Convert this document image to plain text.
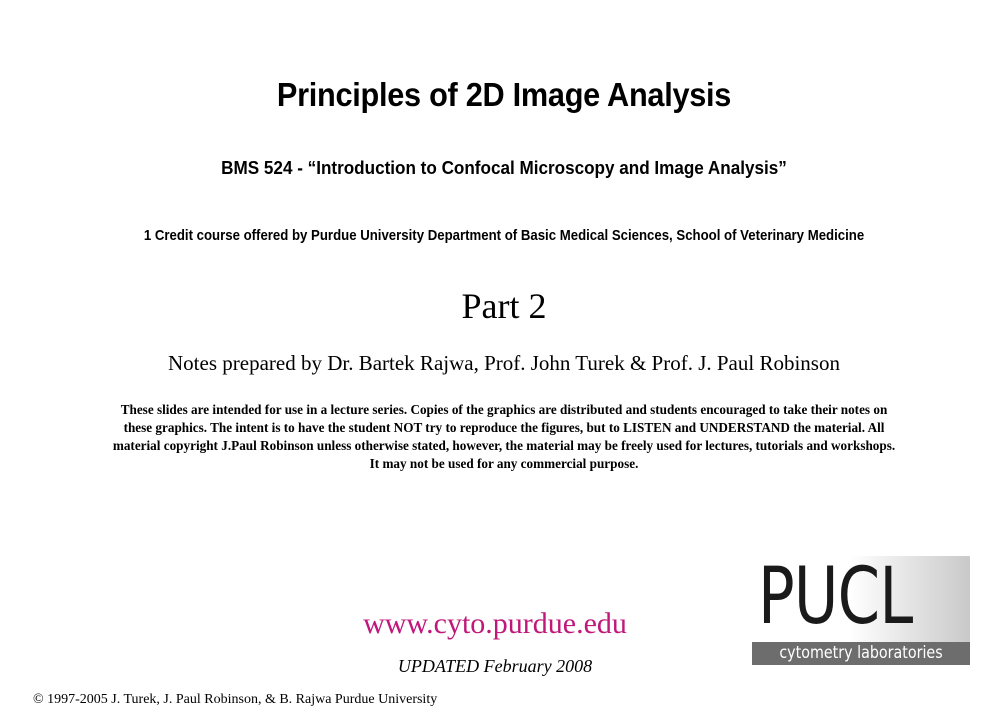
Principles of 2D Image Analysis
BMS 524 - “Introduction to Confocal Microscopy and Image Analysis”
1 Credit course offered by Purdue University Department of Basic Medical Sciences, School of Veterinary Medicine
Part 2
Notes prepared by Dr. Bartek Rajwa, Prof. John Turek & Prof. J. Paul Robinson
These slides are intended for use in a lecture series. Copies of the graphics are distributed and students encouraged to take their notes on
these graphics. The intent is to have the student NOT try to reproduce the figures, but to LISTEN and UNDERSTAND the material. All
material copyright J.Paul Robinson unless otherwise stated, however, the material may be freely used for lectures, tutorials and workshops.
It may not be used for any commercial purpose.
PUCL
cytometry laboratories
www.cyto.purdue.edu
UPDATED February 2008
© 1997-2005 J. Turek, J. Paul Robinson, & B. Rajwa Purdue University
